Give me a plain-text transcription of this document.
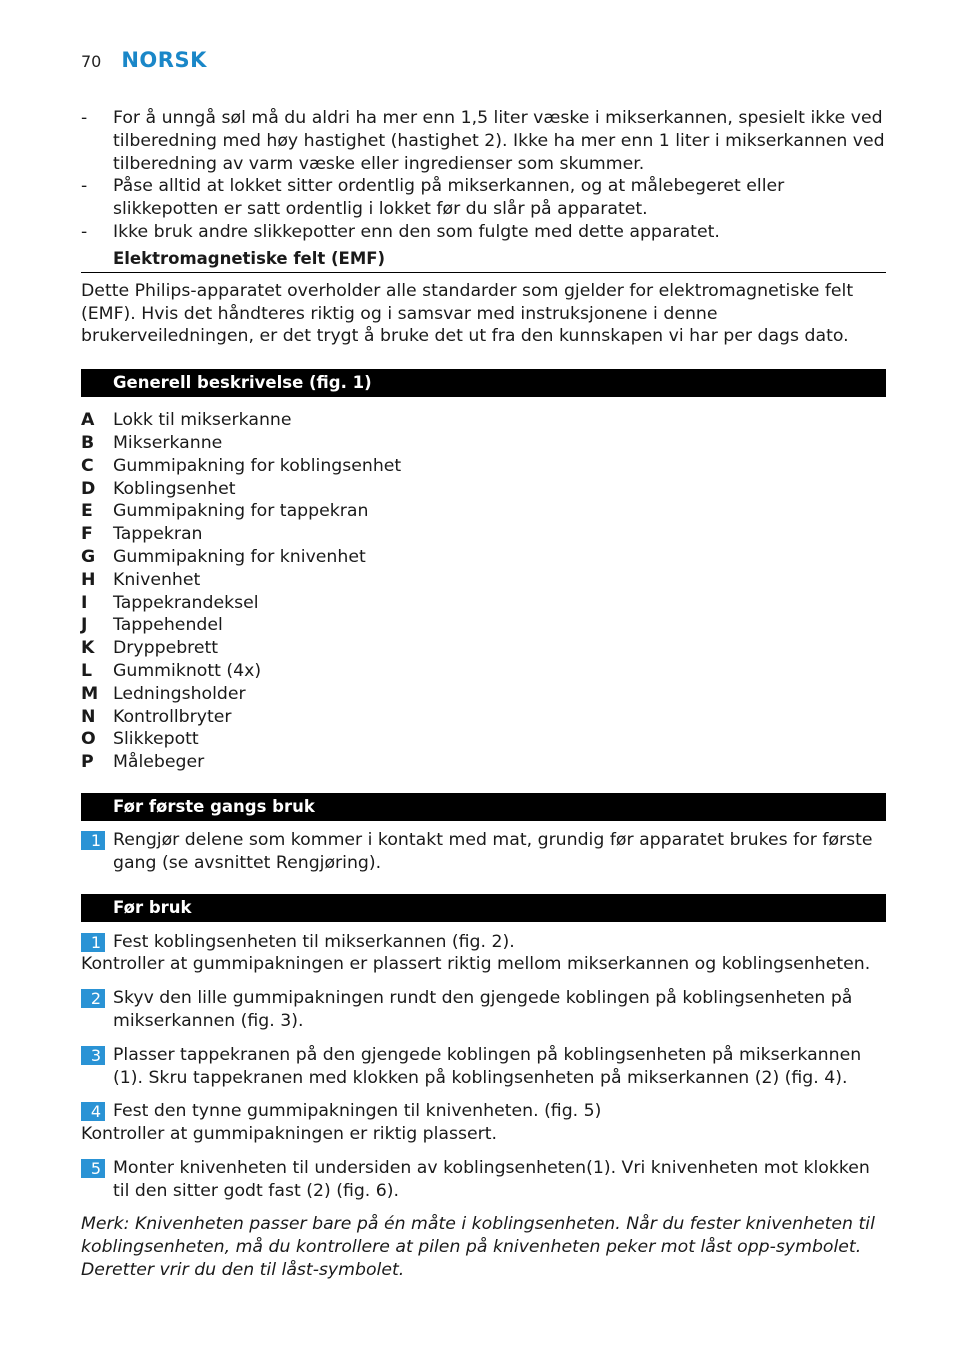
70 NORSK
- For å unngå søl må du aldri ha mer enn 1,5 liter væske i mikserkannen, spesielt ikke ved tilberedning med høy hastighet (hastighet 2). Ikke ha mer enn 1 liter i mikserkannen ved tilberedning av varm væske eller ingredienser som skummer.
- Påse alltid at lokket sitter ordentlig på mikserkannen, og at målebegeret eller slikkepotten er satt ordentlig i lokket før du slår på apparatet.
- Ikke bruk andre slikkepotter enn den som fulgte med dette apparatet.
Elektromagnetiske felt (EMF)
Dette Philips-apparatet overholder alle standarder som gjelder for elektromagnetiske felt (EMF). Hvis det håndteres riktig og i samsvar med instruksjonene i denne brukerveiledningen, er det trygt å bruke det ut fra den kunnskapen vi har per dags dato.
Generell beskrivelse (fig. 1)
A	Lokk til mikserkanne
B	Mikserkanne
C	Gummipakning for koblingsenhet
D	Koblingsenhet
E	Gummipakning for tappekran
F	Tappekran
G	Gummipakning for knivenhet
H	Knivenhet
I	Tappekrandeksel
J	Tappehendel
K	Dryppebrett
L	Gummiknott (4x)
M Ledningsholder
N	Kontrollbryter
O Slikkepott
P	Målebeger
Før første gangs bruk
1 Rengjør delene som kommer i kontakt med mat, grundig før apparatet brukes for første gang (se avsnittet Rengjøring).
Før bruk
1 Fest koblingsenheten til mikserkannen (fig. 2).
Kontroller at gummipakningen er plassert riktig mellom mikserkannen og koblingsenheten.
2 Skyv den lille gummipakningen rundt den gjengede koblingen på koblingsenheten på mikserkannen (fig. 3).
3 Plasser tappekranen på den gjengede koblingen på koblingsenheten på mikserkannen (1). Skru tappekranen med klokken på koblingsenheten på mikserkannen (2) (fig. 4).
4 Fest den tynne gummipakningen til knivenheten. (fig. 5)
Kontroller at gummipakningen er riktig plassert.
5 Monter knivenheten til undersiden av koblingsenheten(1). Vri knivenheten mot klokken til den sitter godt fast (2) (fig. 6).
Merk: Knivenheten passer bare på én måte i koblingsenheten. Når du fester knivenheten til koblingsenheten, må du kontrollere at pilen på knivenheten peker mot låst opp-symbolet. Deretter vrir du den til låst-symbolet.
